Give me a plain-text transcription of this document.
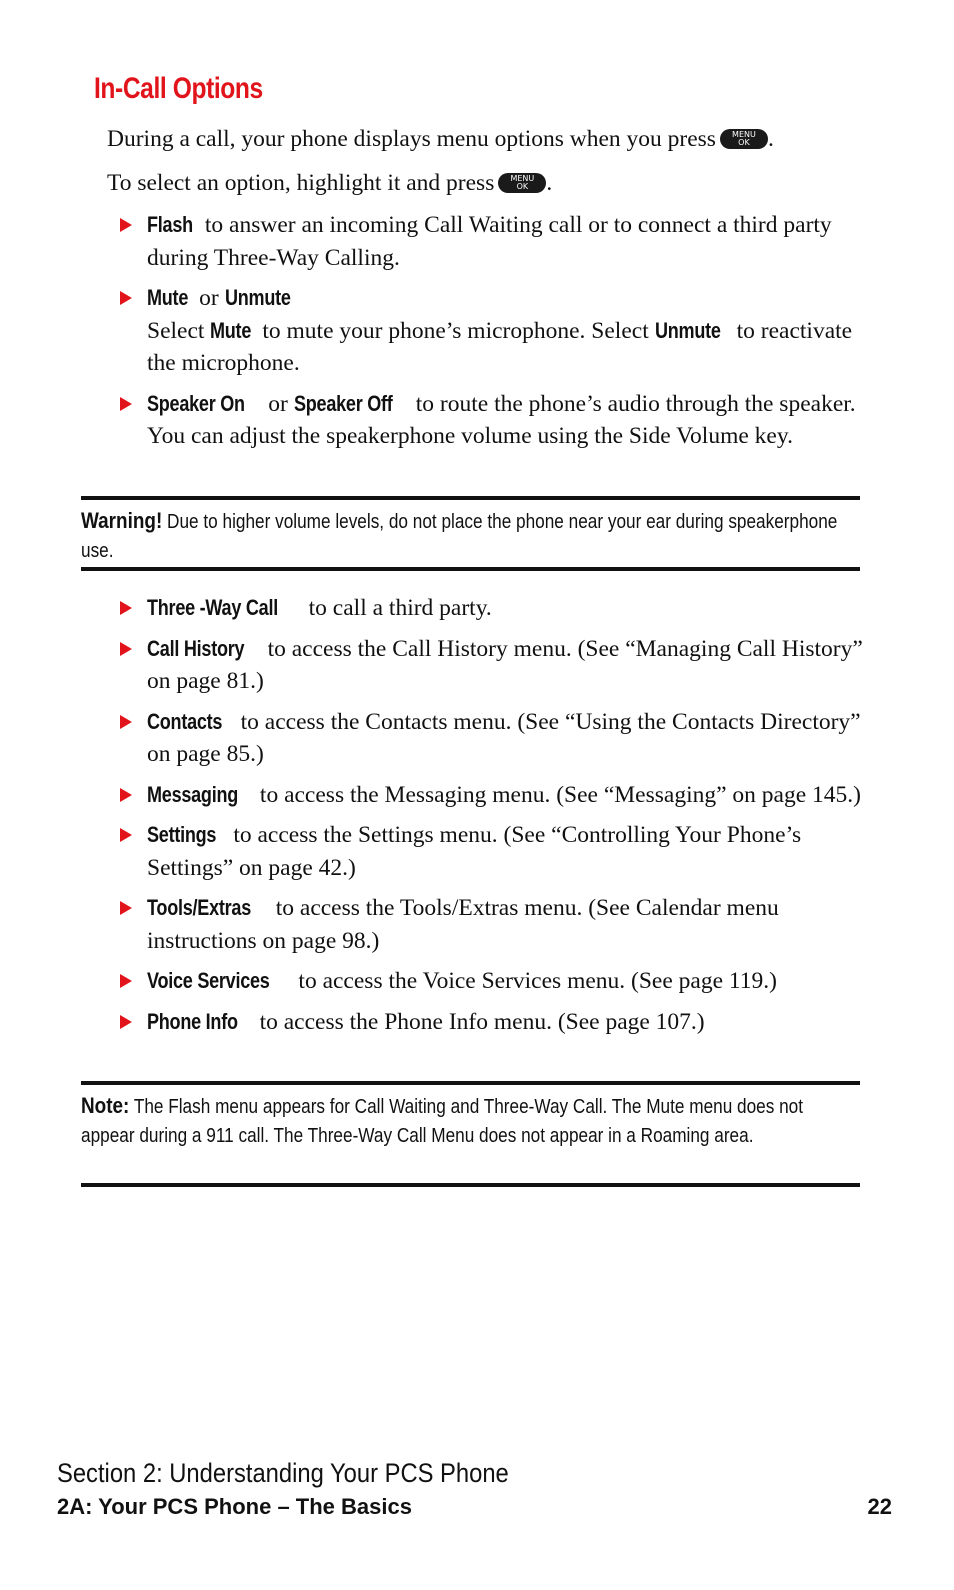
In-Call Options

During a call, your phone displays menu options when you press	MENU
OK .

To select an option, highlight it and press	MENU
OK .

Flash to answer an incoming Call Waiting call or to connect a third party during Three-Way Calling.
Mute or Unmute
Select Mute to mute your phone’s microphone. Select Unmute to reactivate the microphone.
Speaker On or Speaker Off to route the phone’s audio through the speaker. You can adjust the speakerphone volume using the Side Volume key.
Warning! Due to higher volume levels, do not place the phone near your ear during speakerphone use.
Three -Way Call to call a third party.
Call History to access the Call History menu. (See “Managing Call History” on page 81.)
Contacts to access the Contacts menu. (See “Using the Contacts Directory” on page 85.)
Messaging to access the Messaging menu. (See “Messaging” on page 145.)
Settings to access the Settings menu. (See “Controlling Your Phone’s Settings” on page 42.)
Tools/Extras to access the Tools/Extras menu. (See Calendar menu instructions on page 98.)
Voice Services to access the Voice Services menu. (See page 119.)
Phone Info to access the Phone Info menu. (See page 107.)
Note: The Flash menu appears for Call Waiting and Three-Way Call. The Mute menu does not appear during a 911 call. The Three-Way Call Menu does not appear in a Roaming area.

Section 2: Understanding Your PCS Phone

2A: Your PCS Phone – The Basics	22
